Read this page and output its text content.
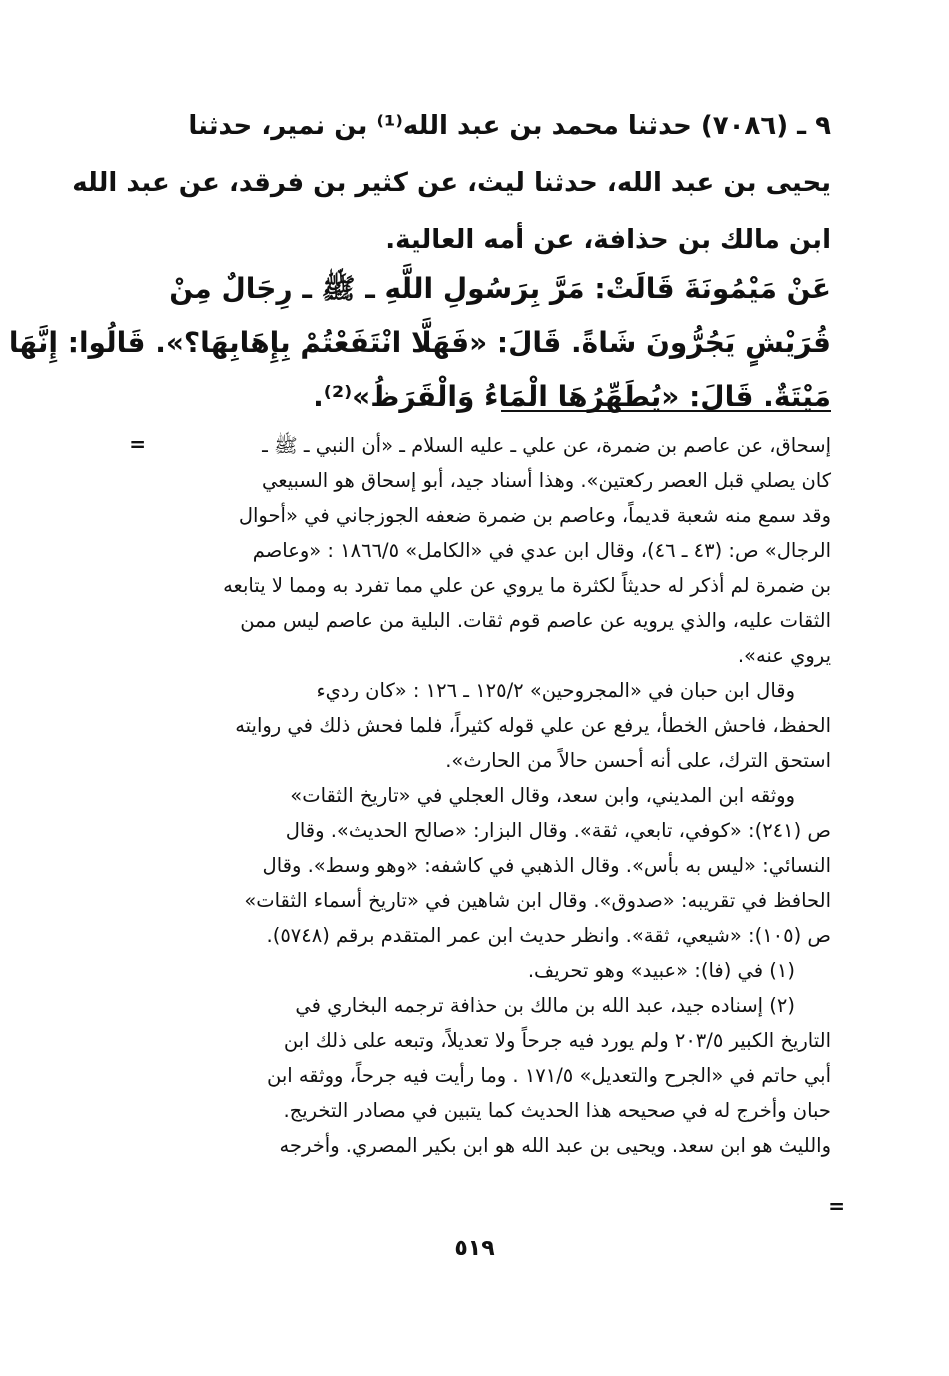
٩ ـ (٧٠٨٦) حدثنا محمد بن عبد الله⁽¹⁾ بن نمير، حدثنا
يحيى بن عبد الله، حدثنا ليث، عن كثير بن فرقد، عن عبد الله
ابن مالك بن حذافة، عن أمه العالية.
عَنْ مَيْمُونَةَ قَالَتْ: مَرَّ بِرَسُولِ اللَّهِ ـ ﷺ ـ رِجَالٌ مِنْ
قُرَيْشٍ يَجُرُّونَ شَاةً. قَالَ: «فَهَلَّا انْتَفَعْتُمْ بِإِهَابِهَا؟». قَالُوا: إِنَّهَا
مَيْتَةٌ. قَالَ: «يُطَهِّرُهَا الْمَاءُ وَالْقَرَظُ»⁽²⁾.
=	إسحاق، عن عاصم بن ضمرة، عن علي ـ عليه السلام ـ «أن النبي ـ ﷺ ـ
كان يصلي قبل العصر ركعتين». وهذا أسناد جيد، أبو إسحاق هو السبيعي
وقد سمع منه شعبة قديماً، وعاصم بن ضمرة ضعفه الجوزجاني في «أحوال
الرجال» ص: (٤٣ ـ ٤٦)، وقال ابن عدي في «الكامل» ١٨٦٦/٥ : «وعاصم
بن ضمرة لم أذكر له حديثاً لكثرة ما يروي عن علي مما تفرد به ومما لا يتابعه
الثقات عليه، والذي يرويه عن عاصم قوم ثقات. البلية من عاصم ليس ممن
يروي عنه».
وقال ابن حبان في «المجروحين» ١٢٥/٢ ـ ١٢٦ : «كان رديء
الحفظ، فاحش الخطأ، يرفع عن علي قوله كثيراً، فلما فحش ذلك في روايته
استحق الترك، على أنه أحسن حالاً من الحارث».
ووثقه ابن المديني، وابن سعد، وقال العجلي في «تاريخ الثقات»
ص (٢٤١): «كوفي، تابعي، ثقة». وقال البزار: «صالح الحديث». وقال
النسائي: «ليس به بأس». وقال الذهبي في كاشفه: «وهو وسط». وقال
الحافظ في تقريبه: «صدوق». وقال ابن شاهين في «تاريخ أسماء الثقات»
ص (١٠٥): «شيعي، ثقة». وانظر حديث ابن عمر المتقدم برقم (٥٧٤٨).
(١) في (فا): «عبيد» وهو تحريف.
(٢) إسناده جيد، عبد الله بن مالك بن حذافة ترجمه البخاري في
التاريخ الكبير ٢٠٣/٥ ولم يورد فيه جرحاً ولا تعديلاً، وتبعه على ذلك ابن
أبي حاتم في «الجرح والتعديل» ١٧١/٥ . وما رأيت فيه جرحاً، ووثقه ابن
حبان وأخرج له في صحيحه هذا الحديث كما يتبين في مصادر التخريج.
والليث هو ابن سعد. ويحيى بن عبد الله هو ابن بكير المصري. وأخرجه
=
٥١٩
